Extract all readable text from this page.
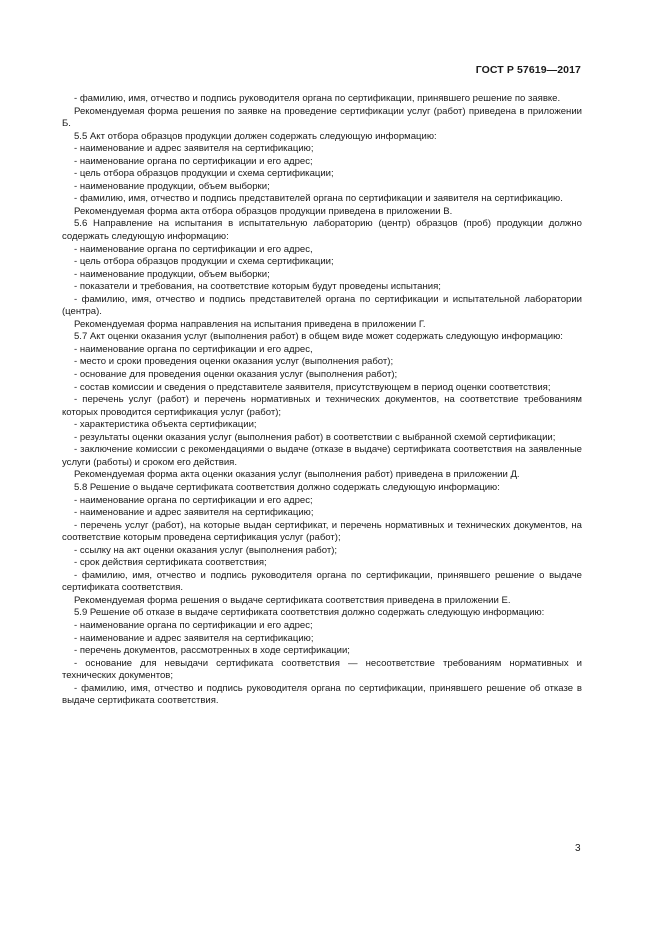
ГОСТ Р 57619—2017

- фамилию, имя, отчество и подпись руководителя органа по сертификации, принявшего решение по заявке.

Рекомендуемая форма решения по заявке на проведение сертификации услуг (работ) приведена в приложении Б.

5.5 Акт отбора образцов продукции должен содержать следующую информацию:

- наименование и адрес заявителя на сертификацию;

- наименование органа по сертификации и его адрес;

- цель отбора образцов продукции и схема сертификации;

- наименование продукции, объем выборки;

- фамилию, имя, отчество и подпись представителей органа по сертификации и заявителя на сертификацию.

Рекомендуемая форма акта отбора образцов продукции приведена в приложении В.

5.6 Направление на испытания в испытательную лабораторию (центр) образцов (проб) продукции должно содержать следующую информацию:

- наименование органа по сертификации и его адрес,

- цель отбора образцов продукции и схема сертификации;

- наименование продукции, объем выборки;

- показатели и требования, на соответствие которым будут проведены испытания;

- фамилию, имя, отчество и подпись представителей органа по сертификации и испытательной лаборатории (центра).

Рекомендуемая форма направления на испытания приведена в приложении Г.

5.7 Акт оценки оказания услуг (выполнения работ) в общем виде может содержать следующую информацию:

- наименование органа по сертификации и его адрес,

- место и сроки проведения оценки оказания услуг (выполнения работ);

- основание для проведения оценки оказания услуг (выполнения работ);

- состав комиссии и сведения о представителе заявителя, присутствующем в период оценки соответствия;

- перечень услуг (работ) и перечень нормативных и технических документов, на соответствие требованиям которых проводится сертификация услуг (работ);

- характеристика объекта сертификации;

- результаты оценки оказания услуг (выполнения работ) в соответствии с выбранной схемой сертификации;

- заключение комиссии с рекомендациями о выдаче (отказе в выдаче) сертификата соответствия на заявленные услуги (работы) и сроком его действия.

Рекомендуемая форма акта оценки оказания услуг (выполнения работ) приведена в приложении Д.

5.8 Решение о выдаче сертификата соответствия должно содержать следующую информацию:

- наименование органа по сертификации и его адрес;

- наименование и адрес заявителя на сертификацию;

- перечень услуг (работ), на которые выдан сертификат, и перечень нормативных и технических документов, на соответствие которым проведена сертификация услуг (работ);

- ссылку на акт оценки оказания услуг (выполнения работ);

- срок действия сертификата соответствия;

- фамилию, имя, отчество и подпись руководителя органа по сертификации, принявшего решение о выдаче сертификата соответствия.

Рекомендуемая форма решения о выдаче сертификата соответствия приведена в приложении Е.

5.9 Решение об отказе в выдаче сертификата соответствия должно содержать следующую информацию:

- наименование органа по сертификации и его адрес;

- наименование и адрес заявителя на сертификацию;

- перечень документов, рассмотренных в ходе сертификации;

- основание для невыдачи сертификата соответствия — несоответствие требованиям нормативных и технических документов;

- фамилию, имя, отчество и подпись руководителя органа по сертификации, принявшего решение об отказе в выдаче сертификата соответствия.

3
